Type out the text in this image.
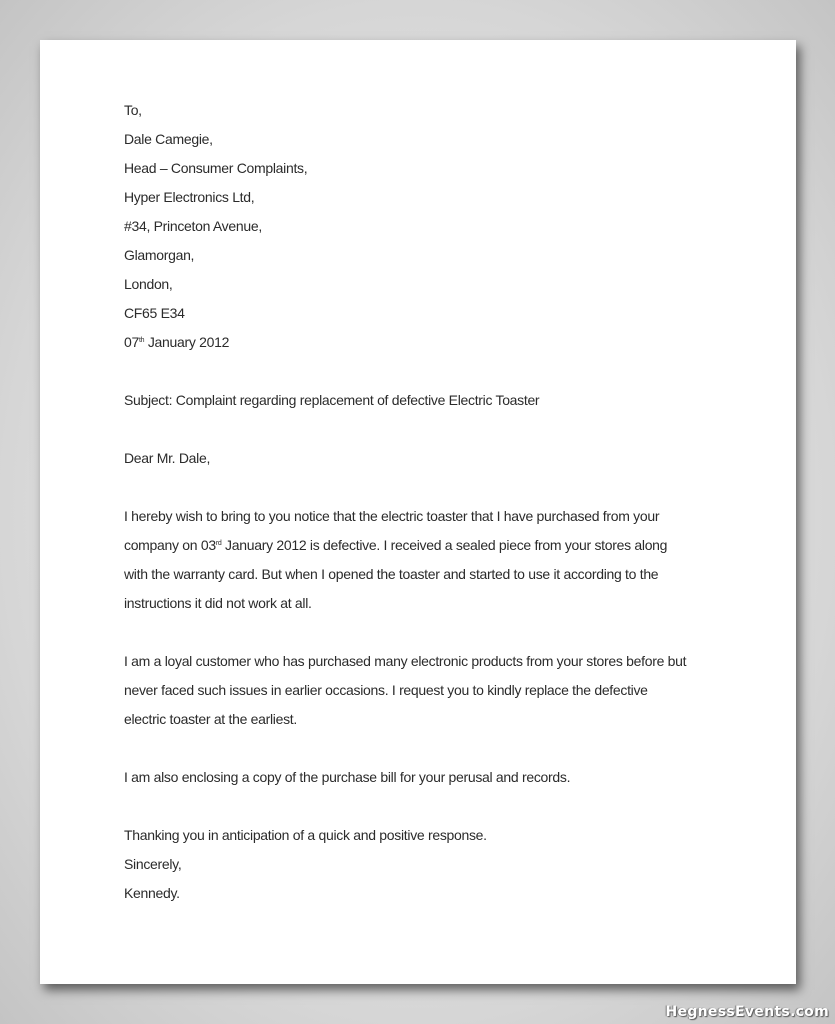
To,
Dale Camegie,
Head – Consumer Complaints,
Hyper Electronics Ltd,
#34, Princeton Avenue,
Glamorgan,
London,
CF65 E34
07th January 2012
Subject: Complaint regarding replacement of defective Electric Toaster
Dear Mr. Dale,
I hereby wish to bring to you notice that the electric toaster that I have purchased from your
company on 03rd January 2012 is defective. I received a sealed piece from your stores along
with the warranty card. But when I opened the toaster and started to use it according to the
instructions it did not work at all.
I am a loyal customer who has purchased many electronic products from your stores before but
never faced such issues in earlier occasions. I request you to kindly replace the defective
electric toaster at the earliest.
I am also enclosing a copy of the purchase bill for your perusal and records.
Thanking you in anticipation of a quick and positive response.
Sincerely,
Kennedy.
HegnessEvents.com
